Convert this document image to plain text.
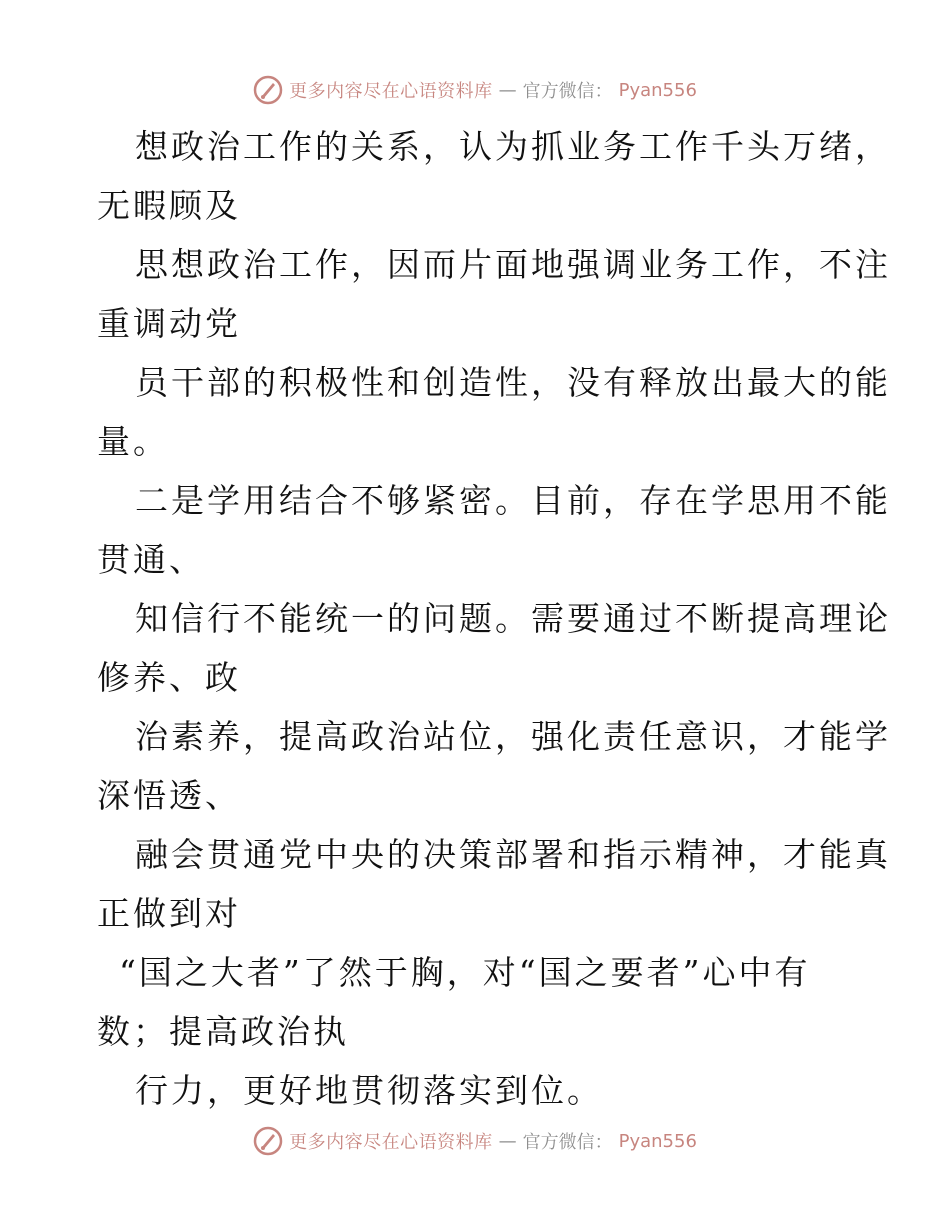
更多内容尽在心语资料库 — 官方微信： Pyan556

想政治工作的关系，认为抓业务工作千头万绪，
无暇顾及

思想政治工作，因而片面地强调业务工作，不注
重调动党

员干部的积极性和创造性，没有释放出最大的能
量。

二是学用结合不够紧密。目前，存在学思用不能
贯通、

知信行不能统一的问题。需要通过不断提高理论
修养、政

治素养，提高政治站位，强化责任意识，才能学
深悟透、

融会贯通党中央的决策部署和指示精神，才能真
正做到对

“国之大者”了然于胸，对“国之要者”心中有
数；提高政治执

行力，更好地贯彻落实到位。

更多内容尽在心语资料库 — 官方微信： Pyan556
